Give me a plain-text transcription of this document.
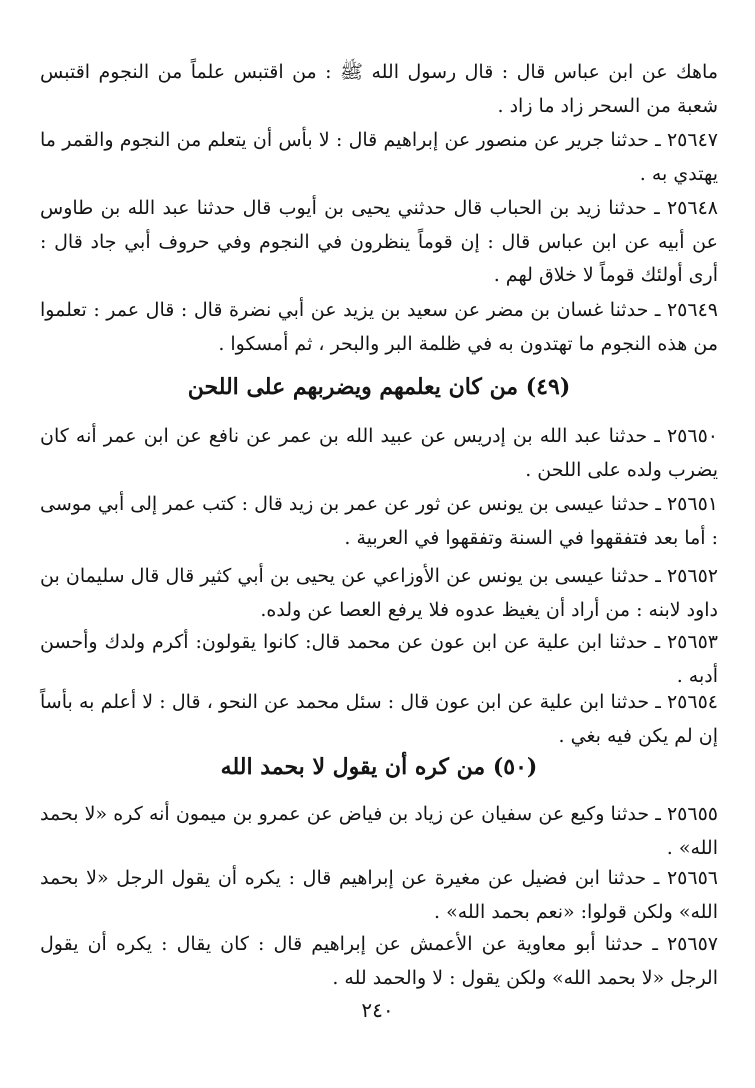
ماهك عن ابن عباس قال : قال رسول الله ﷺ : من اقتبس علماً من النجوم اقتبس شعبة من السحر زاد ما زاد .

٢٥٦٤٧ ـ حدثنا جرير عن منصور عن إبراهيم قال : لا بأس أن يتعلم من النجوم والقمر ما يهتدي به .

٢٥٦٤٨ ـ حدثنا زيد بن الحباب قال حدثني يحيى بن أيوب قال حدثنا عبد الله بن طاوس عن أبيه عن ابن عباس قال : إن قوماً ينظرون في النجوم وفي حروف أبي جاد قال : أرى أولئك قوماً لا خلاق لهم .

٢٥٦٤٩ ـ حدثنا غسان بن مضر عن سعيد بن يزيد عن أبي نضرة قال : قال عمر : تعلموا من هذه النجوم ما تهتدون به في ظلمة البر والبحر ، ثم أمسكوا .

(٤٩) من كان يعلمهم ويضربهم على اللحن

٢٥٦٥٠ ـ حدثنا عبد الله بن إدريس عن عبيد الله بن عمر عن نافع عن ابن عمر أنه كان يضرب ولده على اللحن .

٢٥٦٥١ ـ حدثنا عيسى بن يونس عن ثور عن عمر بن زيد قال : كتب عمر إلى أبي موسى : أما بعد فتفقهوا في السنة وتفقهوا في العربية .

٢٥٦٥٢ ـ حدثنا عيسى بن يونس عن الأوزاعي عن يحيى بن أبي كثير قال قال سليمان بن داود لابنه : من أراد أن يغيظ عدوه فلا يرفع العصا عن ولده.

٢٥٦٥٣ ـ حدثنا ابن علية عن ابن عون عن محمد قال: كانوا يقولون: أكرم ولدك وأحسن أدبه .

٢٥٦٥٤ ـ حدثنا ابن علية عن ابن عون قال : سئل محمد عن النحو ، قال : لا أعلم به بأساً إن لم يكن فيه بغي .

(٥٠) من كره أن يقول لا بحمد الله

٢٥٦٥٥ ـ حدثنا وكيع عن سفيان عن زياد بن فياض عن عمرو بن ميمون أنه كره «لا بحمد الله» .

٢٥٦٥٦ ـ حدثنا ابن فضيل عن مغيرة عن إبراهيم قال : يكره أن يقول الرجل «لا بحمد الله» ولكن قولوا: «نعم بحمد الله» .

٢٥٦٥٧ ـ حدثنا أبو معاوية عن الأعمش عن إبراهيم قال : كان يقال : يكره أن يقول الرجل «لا بحمد الله» ولكن يقول : لا والحمد لله .

٢٤٠
